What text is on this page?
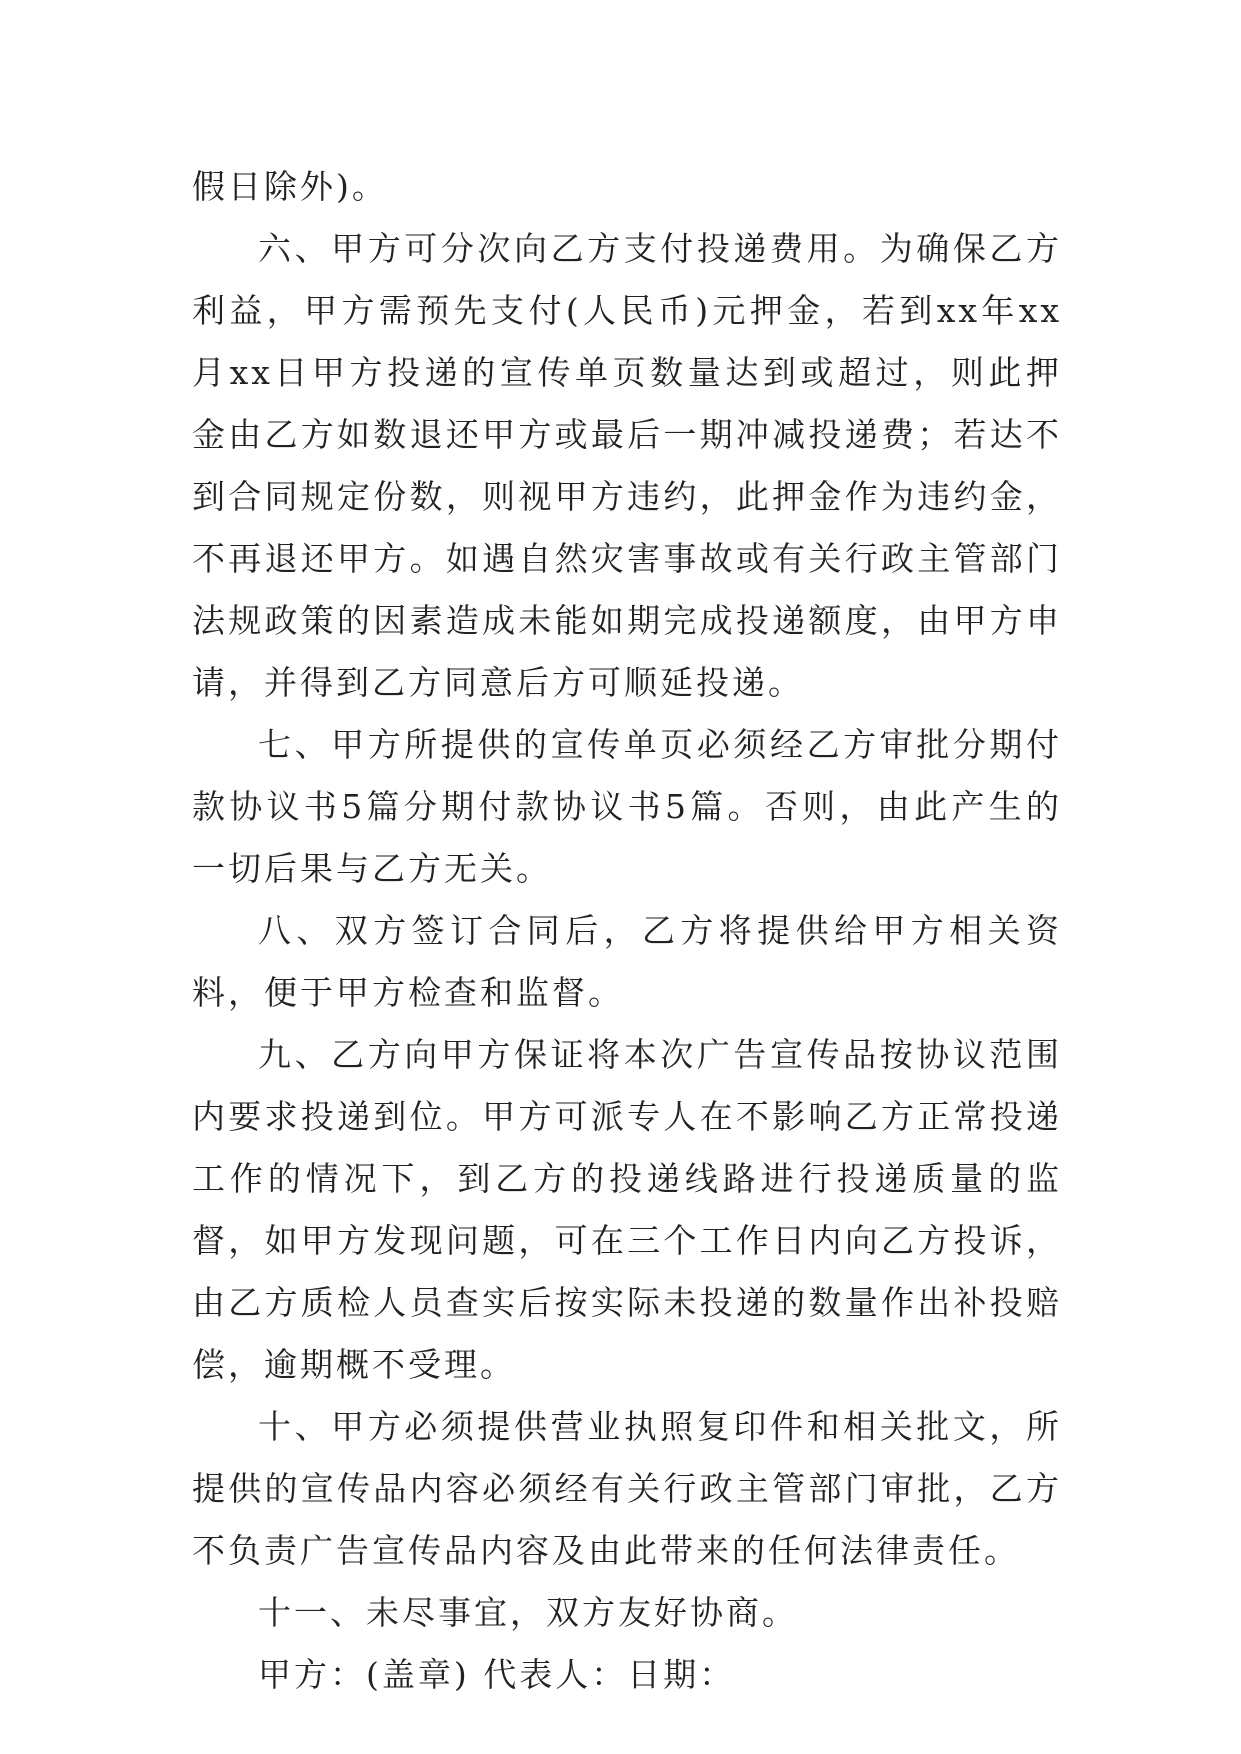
假日除外)。

六、甲方可分次向乙方支付投递费用。为确保乙方利益，甲方需预先支付(人民币)元押金，若到xx年xx月xx日甲方投递的宣传单页数量达到或超过，则此押金由乙方如数退还甲方或最后一期冲减投递费；若达不到合同规定份数，则视甲方违约，此押金作为违约金，不再退还甲方。如遇自然灾害事故或有关行政主管部门法规政策的因素造成未能如期完成投递额度，由甲方申请，并得到乙方同意后方可顺延投递。

七、甲方所提供的宣传单页必须经乙方审批分期付款协议书5篇分期付款协议书5篇。否则，由此产生的一切后果与乙方无关。

八、双方签订合同后，乙方将提供给甲方相关资料，便于甲方检查和监督。

九、乙方向甲方保证将本次广告宣传品按协议范围内要求投递到位。甲方可派专人在不影响乙方正常投递工作的情况下，到乙方的投递线路进行投递质量的监督，如甲方发现问题，可在三个工作日内向乙方投诉，由乙方质检人员查实后按实际未投递的数量作出补投赔偿，逾期概不受理。

十、甲方必须提供营业执照复印件和相关批文，所提供的宣传品内容必须经有关行政主管部门审批，乙方不负责广告宣传品内容及由此带来的任何法律责任。

十一、未尽事宜，双方友好协商。

甲方：(盖章) 代表人：日期：
